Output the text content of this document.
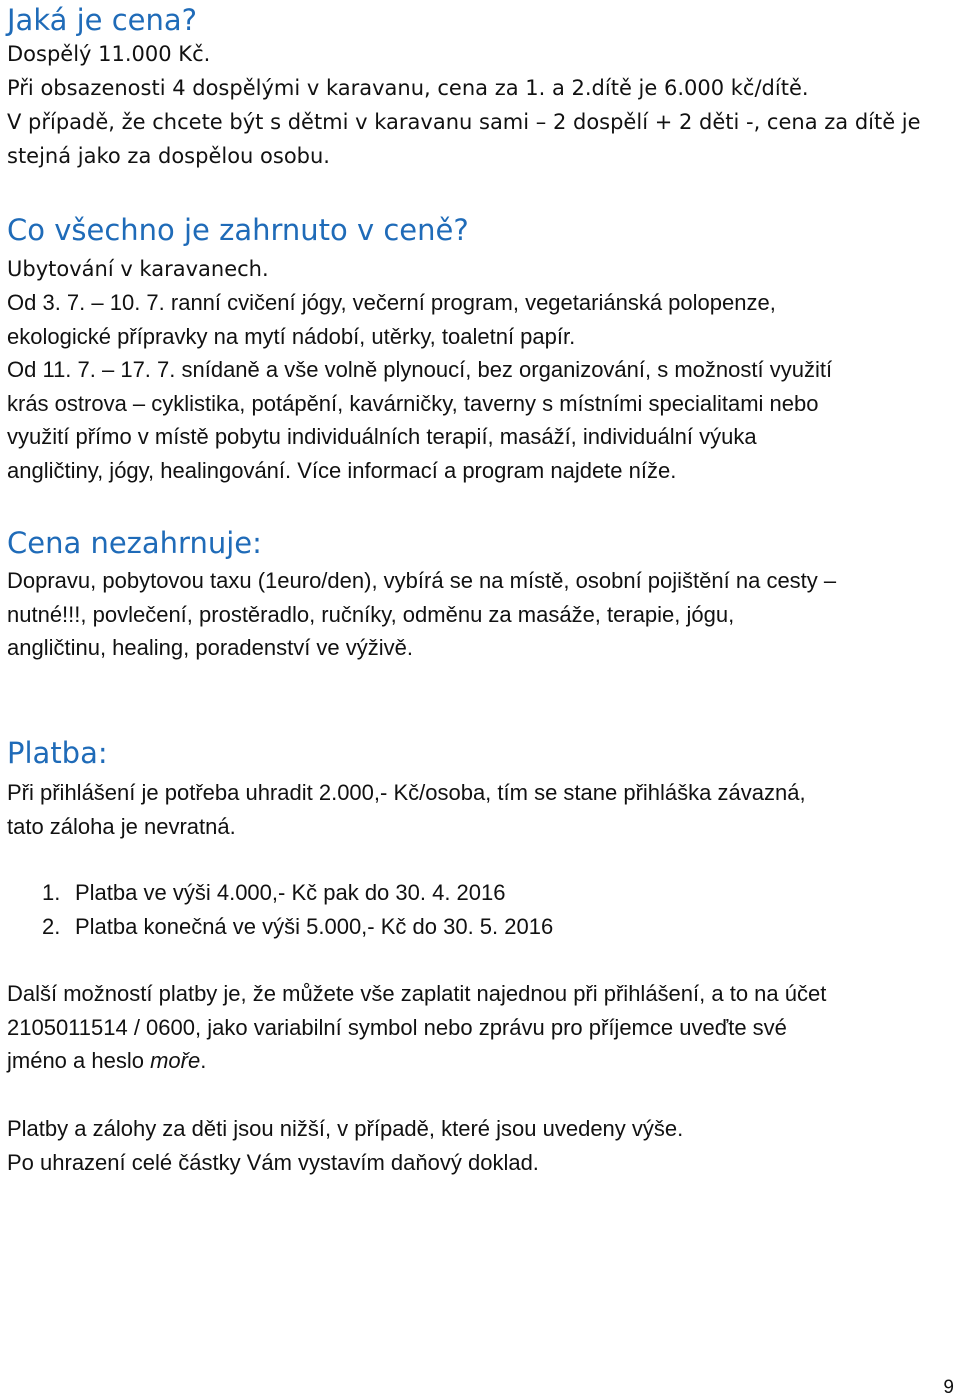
Jaká je cena?
Dospělý 11.000 Kč.
Při obsazenosti 4 dospělými v karavanu, cena za 1. a 2.dítě je 6.000 kč/dítě.
V případě, že chcete být s dětmi v karavanu sami – 2 dospělí + 2 děti -, cena za dítě je
stejná jako za dospělou osobu.
Co všechno je zahrnuto v ceně?
Ubytování v karavanech.
Od 3. 7. – 10. 7. ranní cvičení jógy, večerní program, vegetariánská polopenze,
ekologické přípravky na mytí nádobí, utěrky, toaletní papír.
Od 11. 7. – 17. 7. snídaně a vše volně plynoucí, bez organizování, s možností využití
krás ostrova – cyklistika, potápění, kavárničky, taverny s místními specialitami nebo
využití přímo v místě pobytu individuálních terapií, masáží, individuální výuka
angličtiny, jógy, healingování. Více informací a program najdete níže.
Cena nezahrnuje:
Dopravu, pobytovou taxu (1euro/den), vybírá se na místě, osobní pojištění na cesty –
nutné!!!, povlečení, prostěradlo, ručníky, odměnu za masáže, terapie, jógu,
angličtinu, healing, poradenství ve výživě.
Platba:
Při přihlášení je potřeba uhradit 2.000,- Kč/osoba, tím se stane přihláška závazná,
tato záloha je nevratná.
1. Platba ve výši 4.000,- Kč pak do 30. 4. 2016
2. Platba konečná ve výši 5.000,- Kč do 30. 5. 2016
Další možností platby je, že můžete vše zaplatit najednou při přihlášení, a to na účet
2105011514 / 0600, jako variabilní symbol nebo zprávu pro příjemce uveďte své
jméno a heslo moře.
Platby a zálohy za děti jsou nižší, v případě, které jsou uvedeny výše.
Po uhrazení celé částky Vám vystavím daňový doklad.
9
